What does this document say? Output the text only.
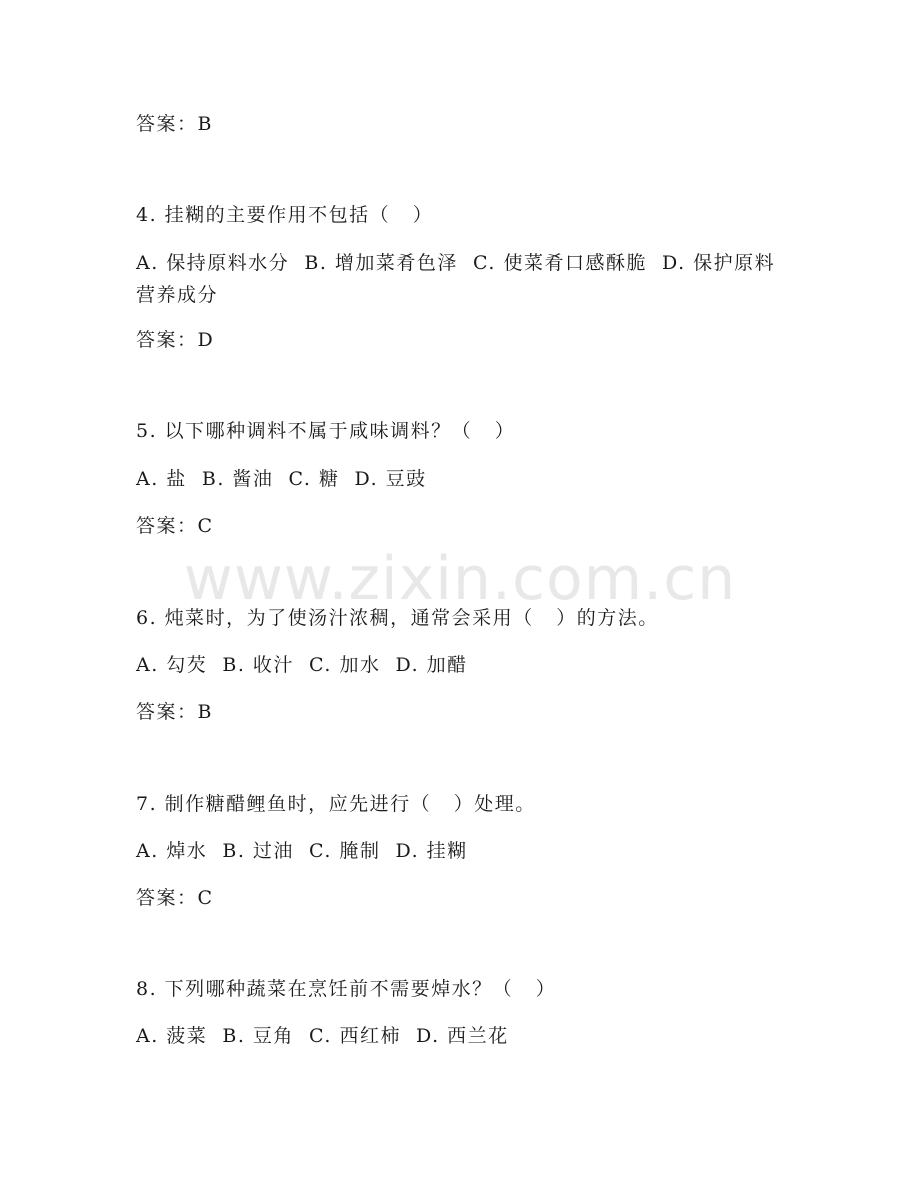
www.zixin.com.cn
答案：B
4. 挂糊的主要作用不包括（   ）
A. 保持原料水分  B. 增加菜肴色泽  C. 使菜肴口感酥脆  D. 保护原料营养成分
答案：D
5. 以下哪种调料不属于咸味调料？（   ）
A. 盐  B. 酱油  C. 糖  D. 豆豉
答案：C
6. 炖菜时，为了使汤汁浓稠，通常会采用（   ）的方法。
A. 勾芡  B. 收汁  C. 加水  D. 加醋
答案：B
7. 制作糖醋鲤鱼时，应先进行（   ）处理。
A. 焯水  B. 过油  C. 腌制  D. 挂糊
答案：C
8. 下列哪种蔬菜在烹饪前不需要焯水？（   ）
A. 菠菜  B. 豆角  C. 西红柿  D. 西兰花
